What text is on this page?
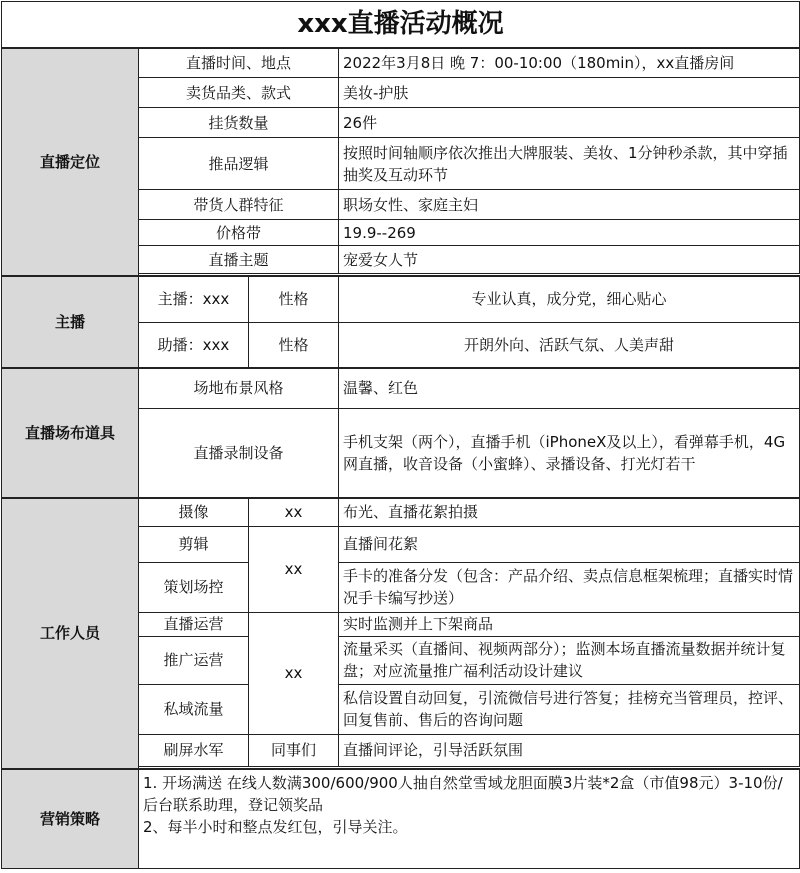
xxx直播活动概况			
直播定位	直播时间、地点		2022年3月8日 晚 7：00-10:00（180min），xx直播房间
	卖货品类、款式		美妆-护肤
	挂货数量		26件
	推品逻辑		按照时间轴顺序依次推出大牌服装、美妆、1分钟秒杀款，其中穿插抽奖及互动环节
	带货人群特征		职场女性、家庭主妇
	价格带		19.9--269
	直播主题		宠爱女人节

主播	主播：xxx	性格	专业认真，成分党，细心贴心
	助播：xxx	性格	开朗外向、活跃气氛、人美声甜
直播场布道具	场地布景风格		温馨、红色
	直播录制设备		手机支架（两个），直播手机（iPhoneX及以上），看弹幕手机，4G网直播，收音设备（小蜜蜂）、录播设备、打光灯若干
工作人员	摄像	xx	布光、直播花絮拍摄
	剪辑	xx	直播间花絮
	策划场控		手卡的准备分发（包含：产品介绍、卖点信息框架梳理；直播实时情况手卡编写抄送）
	直播运营	xx	实时监测并上下架商品
	推广运营		流量采买（直播间、视频两部分）；监测本场直播流量数据并统计复盘；对应流量推广福利活动设计建议
	私域流量		私信设置自动回复，引流微信号进行答复；挂榜充当管理员，控评、回复售前、售后的咨询问题
	刷屏水军	同事们	直播间评论，引导活跃氛围

营销策略	1. 开场满送 在线人数满300/600/900人抽自然堂雪域龙胆面膜3片装*2盒（市值98元）3-10份/后台联系助理，登记领奖品
2、每半小时和整点发红包，引导关注。		
